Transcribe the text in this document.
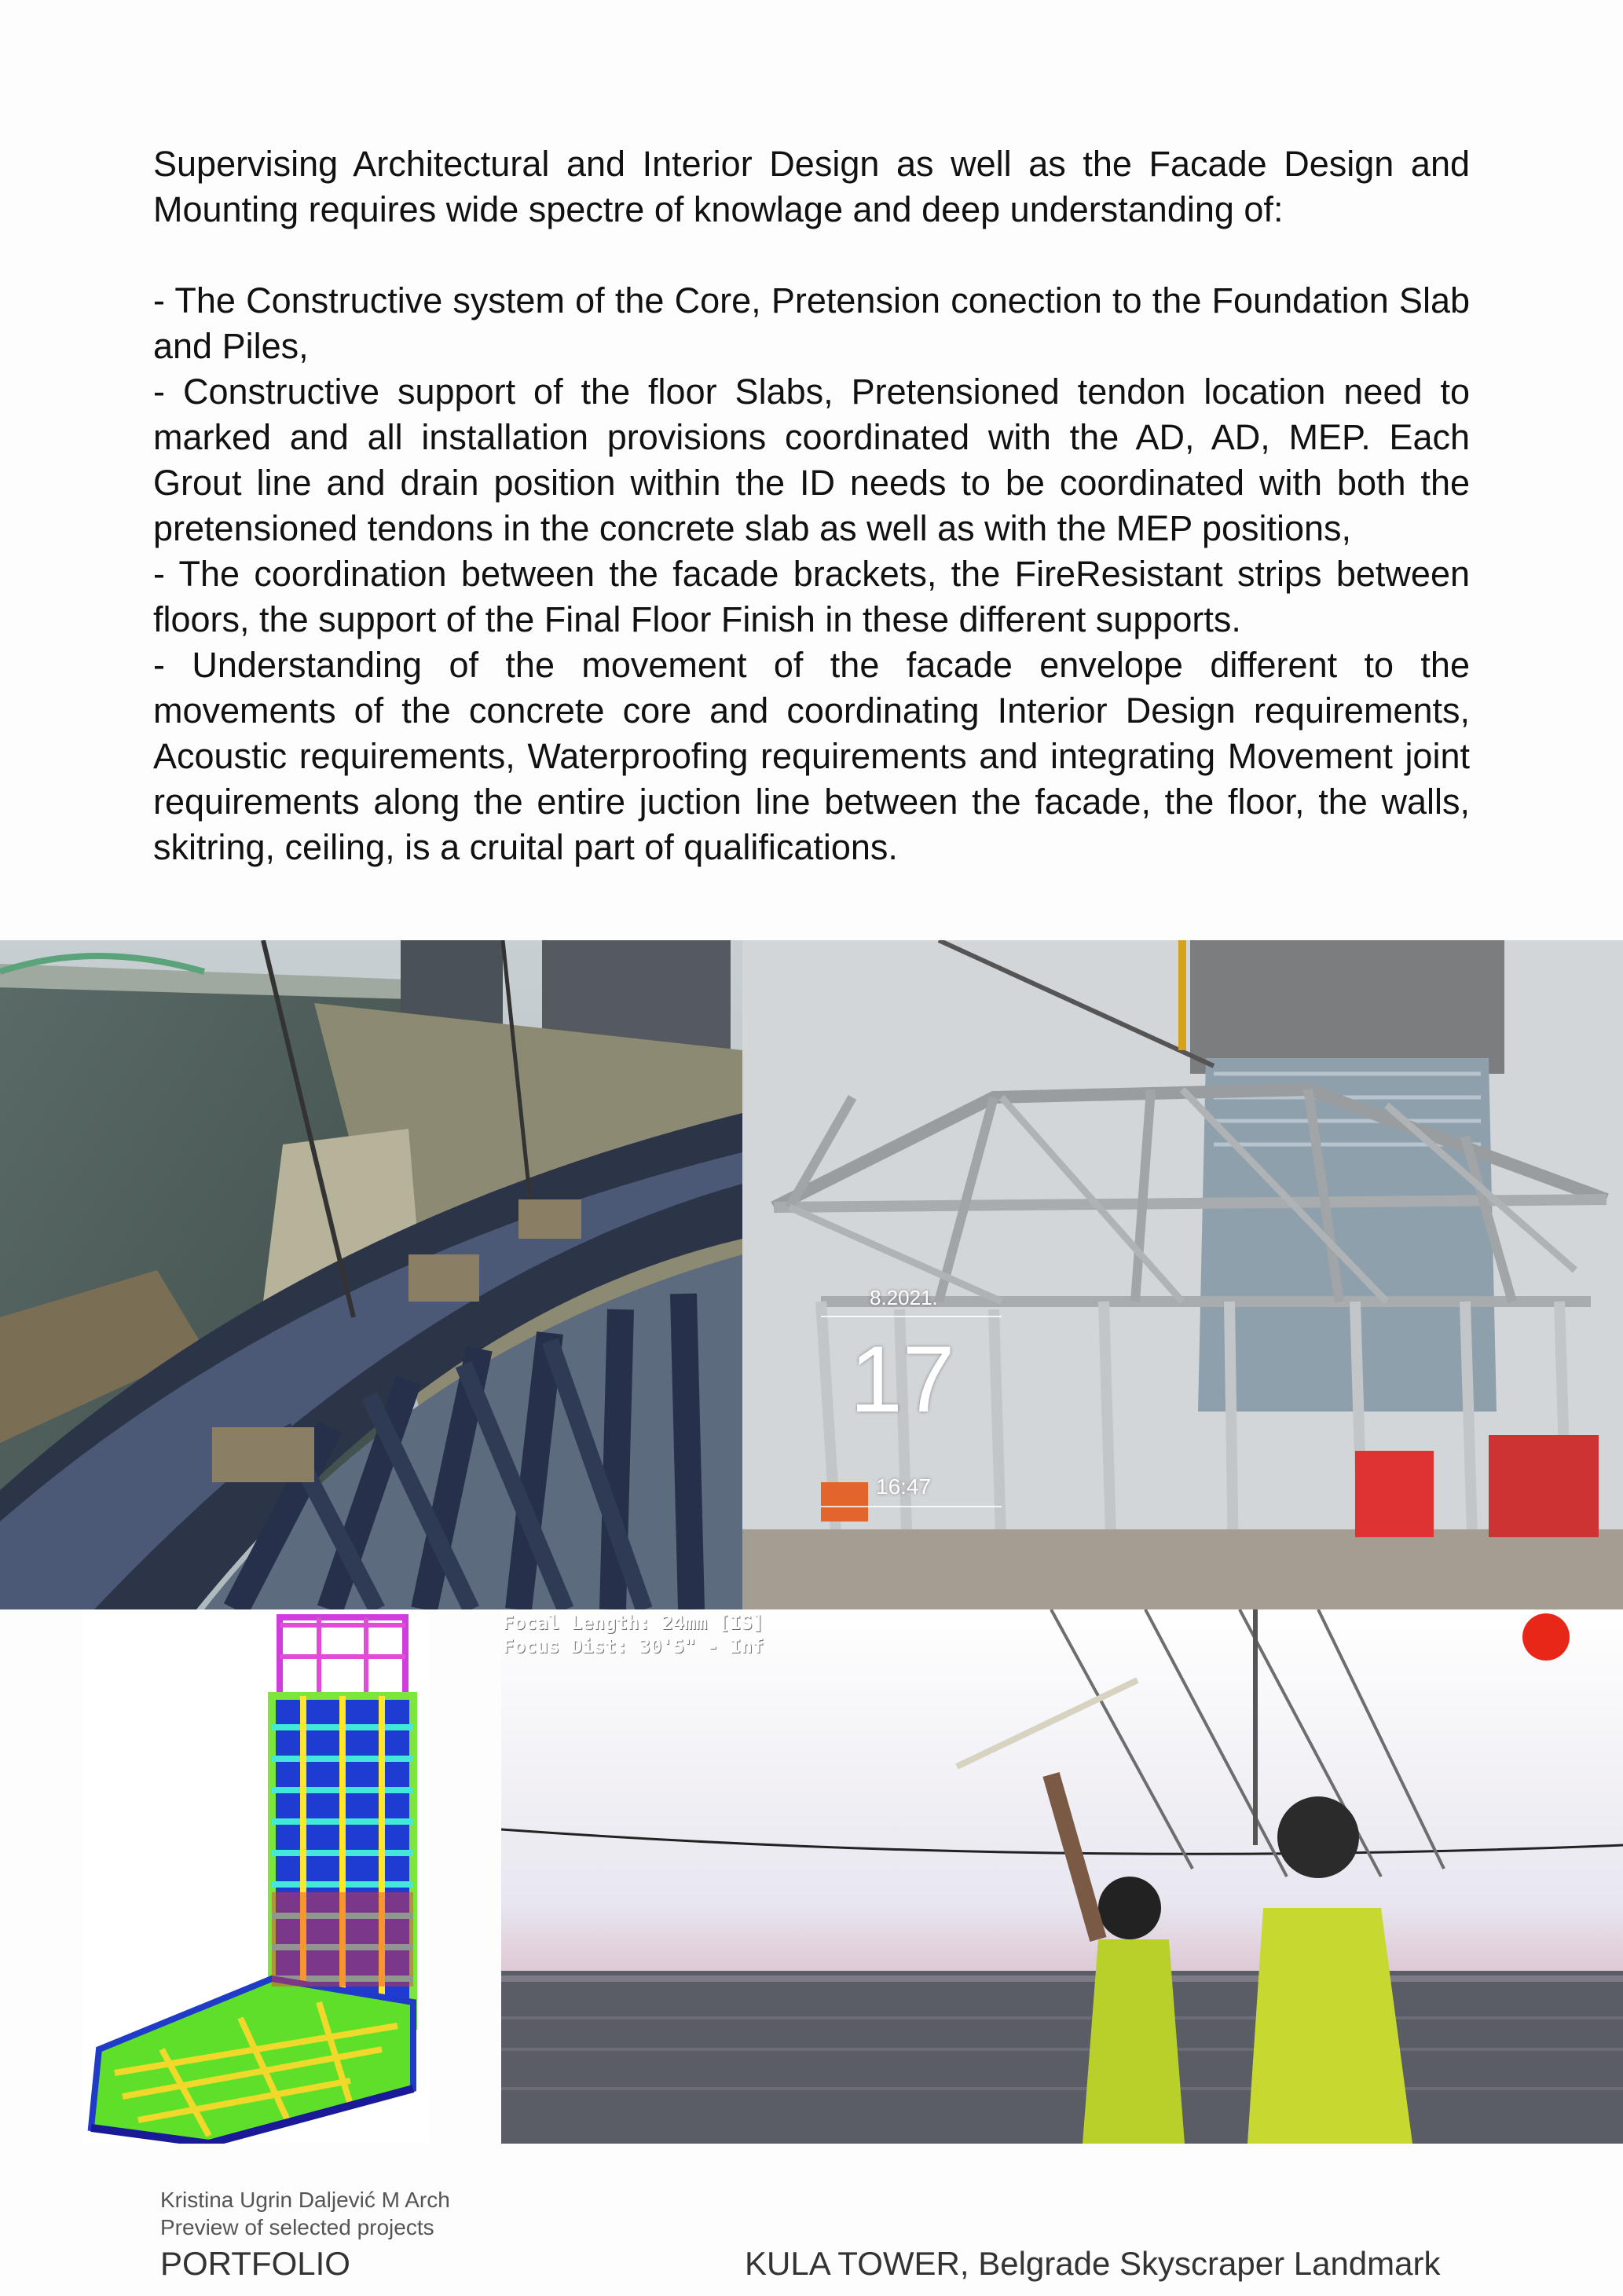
Supervising Architectural and Interior Design as well as the Facade Design and Mounting requires wide spectre of knowlage and deep understanding of:

- The Constructive system of the Core, Pretension conection to the Foundation Slab and Piles,

- Constructive support of the floor Slabs, Pretensioned tendon location need to marked and all installation provisions coordinated with the AD, AD, MEP. Each Grout line and drain position within the ID needs to be coordinated with both the pretensioned tendons in the concrete slab as well as with the MEP positions,

- The coordination between the facade brackets, the FireResistant strips between floors, the support of the Final Floor Finish in these different supports.

- Understanding of the movement of the facade envelope different to the movements of the concrete core and coordinating Interior Design requirements, Acoustic requirements, Waterproofing requirements and integrating Movement joint requirements along the entire juction line between the facade, the floor, the walls, skitring, ceiling, is a cruital part of qualifications.

8.2021.
17
16:47
Focal Length: 24mm [IS]
Focus Dist: 30'5" - Inf
Kristina Ugrin Daljević M Arch
Preview of selected projects
PORTFOLIO	KULA TOWER, Belgrade Skyscraper Landmark
